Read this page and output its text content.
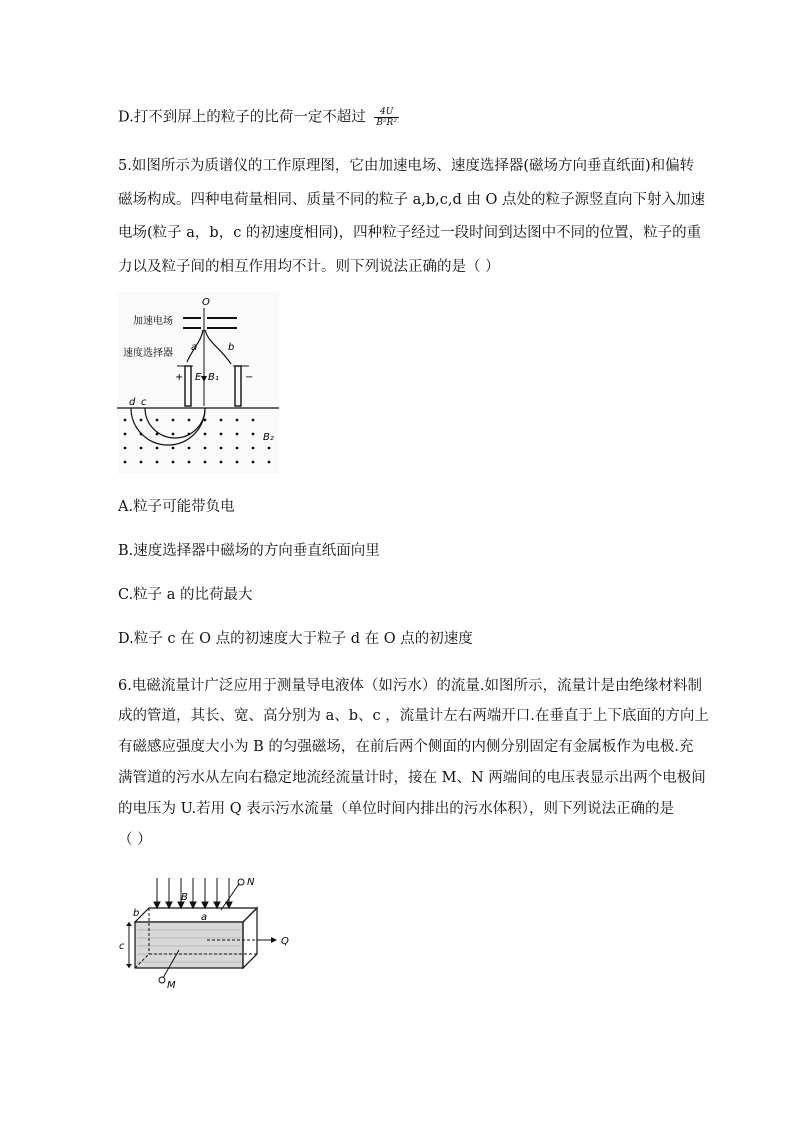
D.打不到屏上的粒子的比荷一定不超过 $\frac{4U}{\text{B²R²}}$
5.如图所示为质谱仪的工作原理图，它由加速电场、速度选择器(磁场方向垂直纸面)和偏转
磁场构成。四种电荷量相同、质量不同的粒子 a,b,c,d 由 O 点处的粒子源竖直向下射入加速
电场(粒子 a，b，c 的初速度相同)，四种粒子经过一段时间到达图中不同的位置，粒子的重
力以及粒子间的相互作用均不计。则下列说法正确的是（ ）
O
加速电场
速度选择器
+	−
a	b
E B₁
d c
B₂
A.粒子可能带负电
B.速度选择器中磁场的方向垂直纸面向里
C.粒子 a 的比荷最大
D.粒子 c 在 O 点的初速度大于粒子 d 在 O 点的初速度
6.电磁流量计广泛应用于测量导电液体（如污水）的流量.如图所示，流量计是由绝缘材料制
成的管道，其长、宽、高分别为 a、b、c ，流量计左右两端开口.在垂直于上下底面的方向上
有磁感应强度大小为 B 的匀强磁场，在前后两个侧面的内侧分别固定有金属板作为电极.充
满管道的污水从左向右稳定地流经流量计时，接在 M、N 两端间的电压表显示出两个电极间
的电压为 U.若用 Q 表示污水流量（单位时间内排出的污水体积），则下列说法正确的是
（ ）
B
N
Q
b	a
c
M
